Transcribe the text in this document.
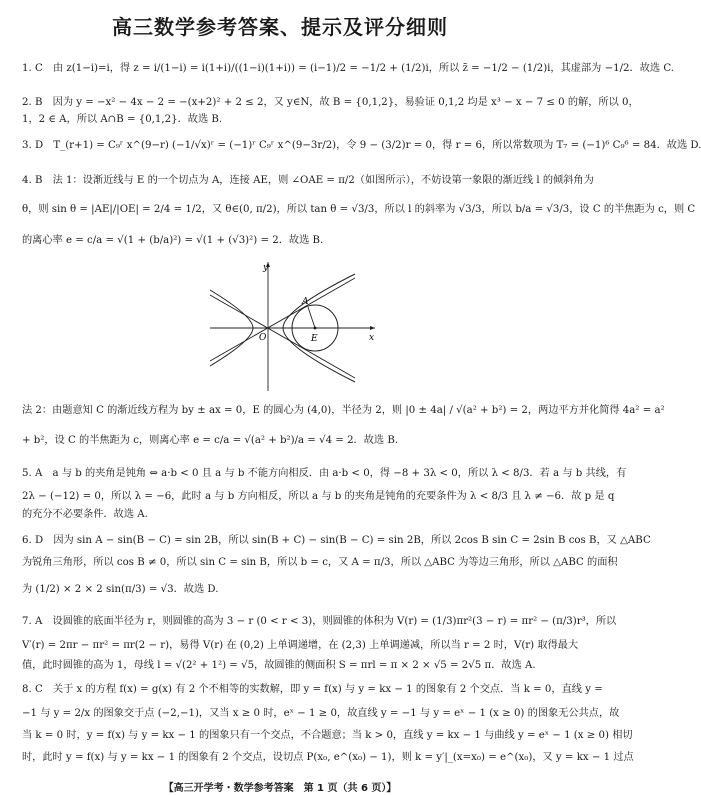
高三数学参考答案、提示及评分细则
1. C　由 z(1−i)=i，得 z = i/(1−i) = i(1+i)/((1−i)(1+i)) = (i−1)/2 = −1/2 + (1/2)i，所以 z̄ = −1/2 − (1/2)i，其虚部为 −1/2．故选 C.
2. B　因为 y = −x² − 4x − 2 = −(x+2)² + 2 ≤ 2，又 y∈N，故 B = {0,1,2}，易验证 0,1,2 均是 x³ − x − 7 ≤ 0 的解，所以 0，
1，2 ∈ A，所以 A∩B = {0,1,2}．故选 B.
3. D　T_(r+1) = C₉ʳ x^(9−r) (−1/√x)ʳ = (−1)ʳ C₉ʳ x^(9−3r/2)，令 9 − (3/2)r = 0，得 r = 6，所以常数项为 T₇ = (−1)⁶ C₉⁶ = 84．故选 D.
4. B　法 1：设渐近线与 E 的一个切点为 A，连接 AE，则 ∠OAE = π/2（如图所示），不妨设第一象限的渐近线 l 的倾斜角为
θ，则 sin θ = |AE|/|OE| = 2/4 = 1/2，又 θ∈(0, π/2)，所以 tan θ = √3/3，所以 l 的斜率为 √3/3，所以 b/a = √3/3，设 C 的半焦距为 c，则 C
的离心率 e = c/a = √(1 + (b/a)²) = √(1 + (√3)²) = 2．故选 B.
y
x
O
A
E
法 2：由题意知 C 的渐近线方程为 by ± ax = 0，E 的圆心为 (4,0)，半径为 2，则 |0 ± 4a| / √(a² + b²) = 2，两边平方并化简得 4a² = a²
+ b²，设 C 的半焦距为 c，则离心率 e = c/a = √(a² + b²)/a = √4 = 2．故选 B.
5. A　a 与 b 的夹角是钝角 ⇔ a·b < 0 且 a 与 b 不能方向相反．由 a·b < 0，得 −8 + 3λ < 0，所以 λ < 8/3．若 a 与 b 共线，有
2λ − (−12) = 0，所以 λ = −6，此时 a 与 b 方向相反，所以 a 与 b 的夹角是钝角的充要条件为 λ < 8/3 且 λ ≠ −6．故 p 是 q
的充分不必要条件．故选 A.
6. D　因为 sin A − sin(B − C) = sin 2B，所以 sin(B + C) − sin(B − C) = sin 2B，所以 2cos B sin C = 2sin B cos B，又 △ABC
为锐角三角形，所以 cos B ≠ 0，所以 sin C = sin B，所以 b = c，又 A = π/3，所以 △ABC 为等边三角形，所以 △ABC 的面积
为 (1/2) × 2 × 2 sin(π/3) = √3．故选 D.
7. A　设圆锥的底面半径为 r，则圆锥的高为 3 − r (0 < r < 3)，则圆锥的体积为 V(r) = (1/3)πr²(3 − r) = πr² − (π/3)r³，所以
V′(r) = 2πr − πr² = πr(2 − r)，易得 V(r) 在 (0,2) 上单调递增，在 (2,3) 上单调递减，所以当 r = 2 时，V(r) 取得最大
值，此时圆锥的高为 1，母线 l = √(2² + 1²) = √5，故圆锥的侧面积 S = πrl = π × 2 × √5 = 2√5 π．故选 A.
8. C　关于 x 的方程 f(x) = g(x) 有 2 个不相等的实数解，即 y = f(x) 与 y = kx − 1 的图象有 2 个交点．当 k = 0，直线 y =
−1 与 y = 2/x 的图象交于点 (−2,−1)，又当 x ≥ 0 时，eˣ − 1 ≥ 0，故直线 y = −1 与 y = eˣ − 1 (x ≥ 0) 的图象无公共点，故
当 k = 0 时，y = f(x) 与 y = kx − 1 的图象只有一个交点，不合题意；当 k > 0，直线 y = kx − 1 与曲线 y = eˣ − 1 (x ≥ 0) 相切
时，此时 y = f(x) 与 y = kx − 1 的图象有 2 个交点，设切点 P(x₀, e^(x₀) − 1)，则 k = y′|_(x=x₀) = e^(x₀)，又 y = kx − 1 过点
【高三开学考・数学参考答案　第 1 页（共 6 页）】
